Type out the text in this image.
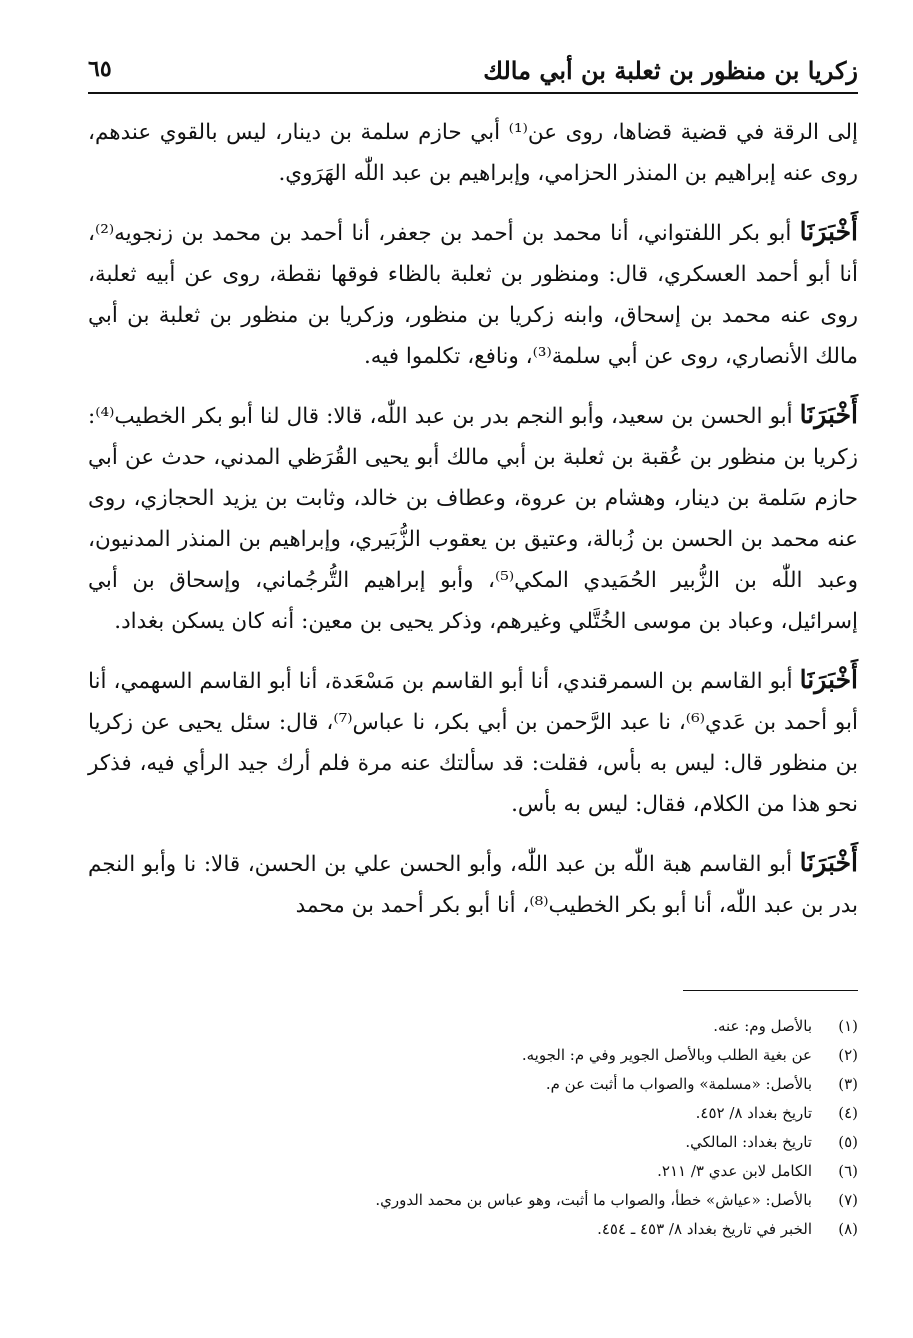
زكريا بن منظور بن ثعلبة بن أبي مالك
٦٥

إلى الرقة في قضية قضاها، روى عن⁽¹⁾ أبي حازم سلمة بن دينار، ليس بالقوي عندهم، روى عنه إبراهيم بن المنذر الحزامي، وإبراهيم بن عبد اللّٰه الهَرَوي.

أَخْبَرَنَا أبو بكر اللفتواني، أنا محمد بن أحمد بن جعفر، أنا أحمد بن محمد بن زنجويه⁽²⁾، أنا أبو أحمد العسكري، قال: ومنظور بن ثعلبة بالظاء فوقها نقطة، روى عن أبيه ثعلبة، روى عنه محمد بن إسحاق، وابنه زكريا بن منظور، وزكريا بن منظور بن ثعلبة بن أبي مالك الأنصاري، روى عن أبي سلمة⁽³⁾، ونافع، تكلموا فيه.

أَخْبَرَنَا أبو الحسن بن سعيد، وأبو النجم بدر بن عبد اللّٰه، قالا: قال لنا أبو بكر الخطيب⁽⁴⁾: زكريا بن منظور بن عُقبة بن ثعلبة بن أبي مالك أبو يحيى القُرَظي المدني، حدث عن أبي حازم سَلمة بن دينار، وهشام بن عروة، وعطاف بن خالد، وثابت بن يزيد الحجازي، روى عنه محمد بن الحسن بن زُبالة، وعتيق بن يعقوب الزُّبَيري، وإبراهيم بن المنذر المدنيون، وعبد اللّٰه بن الزُّبير الحُمَيدي المكي⁽⁵⁾، وأبو إبراهيم التُّرجُماني، وإسحاق بن أبي إسرائيل، وعباد بن موسى الخُتَّلي وغيرهم، وذكر يحيى بن معين: أنه كان يسكن بغداد.

أَخْبَرَنَا أبو القاسم بن السمرقندي، أنا أبو القاسم بن مَسْعَدة، أنا أبو القاسم السهمي، أنا أبو أحمد بن عَدي⁽⁶⁾، نا عبد الرَّحمن بن أبي بكر، نا عباس⁽⁷⁾، قال: سئل يحيى عن زكريا بن منظور قال: ليس به بأس، فقلت: قد سألتك عنه مرة فلم أرك جيد الرأي فيه، فذكر نحو هذا من الكلام، فقال: ليس به بأس.

أَخْبَرَنَا أبو القاسم هبة اللّٰه بن عبد اللّٰه، وأبو الحسن علي بن الحسن، قالا: نا وأبو النجم بدر بن عبد اللّٰه، أنا أبو بكر الخطيب⁽⁸⁾، أنا أبو بكر أحمد بن محمد

(١)
بالأصل وم: عنه.
(٢)
عن بغية الطلب وبالأصل الجوير وفي م: الجويه.
(٣)
بالأصل: «مسلمة» والصواب ما أثبت عن م.
(٤)
تاريخ بغداد ٨/ ٤٥٢.
(٥)
تاريخ بغداد: المالكي.
(٦)
الكامل لابن عدي ٣/ ٢١١.
(٧)
بالأصل: «عياش» خطأ، والصواب ما أثبت، وهو عباس بن محمد الدوري.
(٨)
الخبر في تاريخ بغداد ٨/ ٤٥٣ ـ ٤٥٤.
